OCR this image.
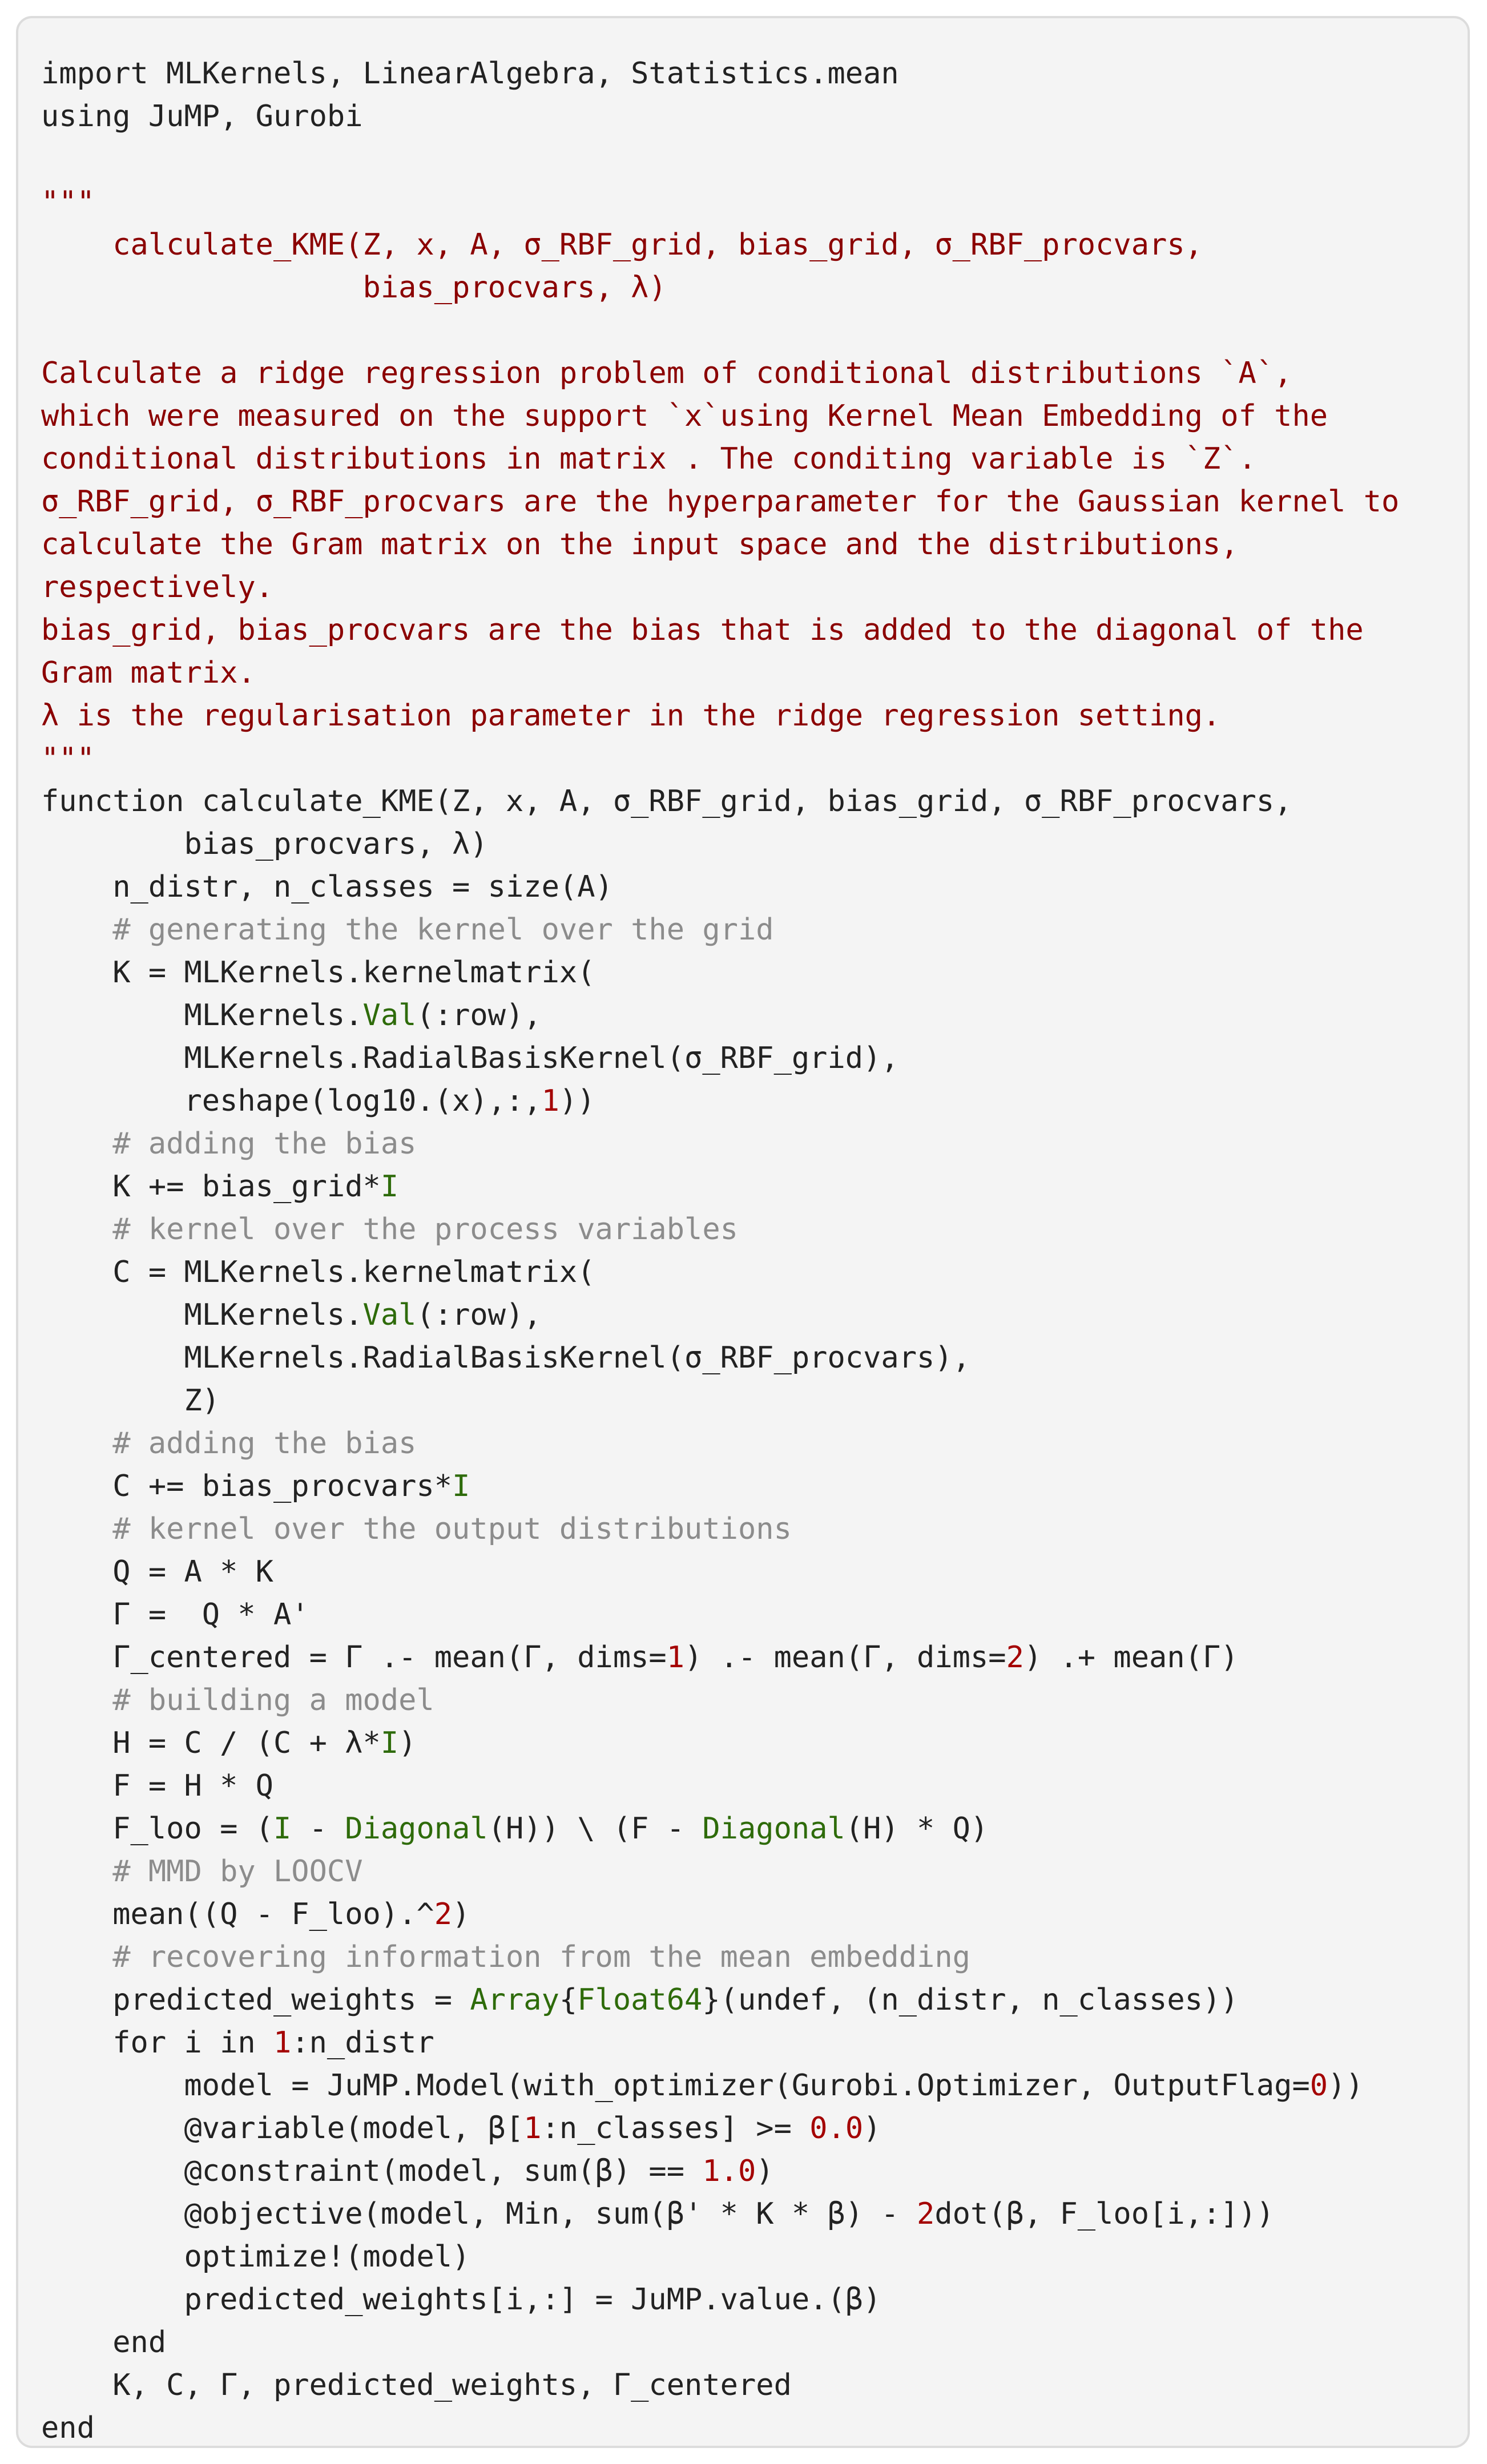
import MLKernels, LinearAlgebra, Statistics.mean
using JuMP, Gurobi
"""
calculate_KME(Z, x, A, σ_RBF_grid, bias_grid, σ_RBF_procvars,
bias_procvars, λ)
Calculate a ridge regression problem of conditional distributions `A`,
which were measured on the support `x`using Kernel Mean Embedding of the
conditional distributions in matrix . The conditing variable is `Z`.
σ_RBF_grid, σ_RBF_procvars are the hyperparameter for the Gaussian kernel to
calculate the Gram matrix on the input space and the distributions,
respectively.
bias_grid, bias_procvars are the bias that is added to the diagonal of the
Gram matrix.
λ is the regularisation parameter in the ridge regression setting.
"""
function calculate_KME(Z, x, A, σ_RBF_grid, bias_grid, σ_RBF_procvars,
bias_procvars, λ)
n_distr, n_classes = size(A)
# generating the kernel over the grid
K = MLKernels.kernelmatrix(
MLKernels.Val(:row),
MLKernels.RadialBasisKernel(σ_RBF_grid),
reshape(log10.(x),:,1))
# adding the bias
K += bias_grid*I
# kernel over the process variables
C = MLKernels.kernelmatrix(
MLKernels.Val(:row),
MLKernels.RadialBasisKernel(σ_RBF_procvars),
Z)
# adding the bias
C += bias_procvars*I
# kernel over the output distributions
Q = A * K
Γ =  Q * A'
Γ_centered = Γ .- mean(Γ, dims=1) .- mean(Γ, dims=2) .+ mean(Γ)
# building a model
H = C / (C + λ*I)
F = H * Q
F_loo = (I - Diagonal(H)) \ (F - Diagonal(H) * Q)
# MMD by LOOCV
mean((Q - F_loo).^2)
# recovering information from the mean embedding
predicted_weights = Array{Float64}(undef, (n_distr, n_classes))
for i in 1:n_distr
model = JuMP.Model(with_optimizer(Gurobi.Optimizer, OutputFlag=0))
@variable(model, β[1:n_classes] >= 0.0)
@constraint(model, sum(β) == 1.0)
@objective(model, Min, sum(β' * K * β) - 2dot(β, F_loo[i,:]))
optimize!(model)
predicted_weights[i,:] = JuMP.value.(β)
end
K, C, Γ, predicted_weights, Γ_centered
end
